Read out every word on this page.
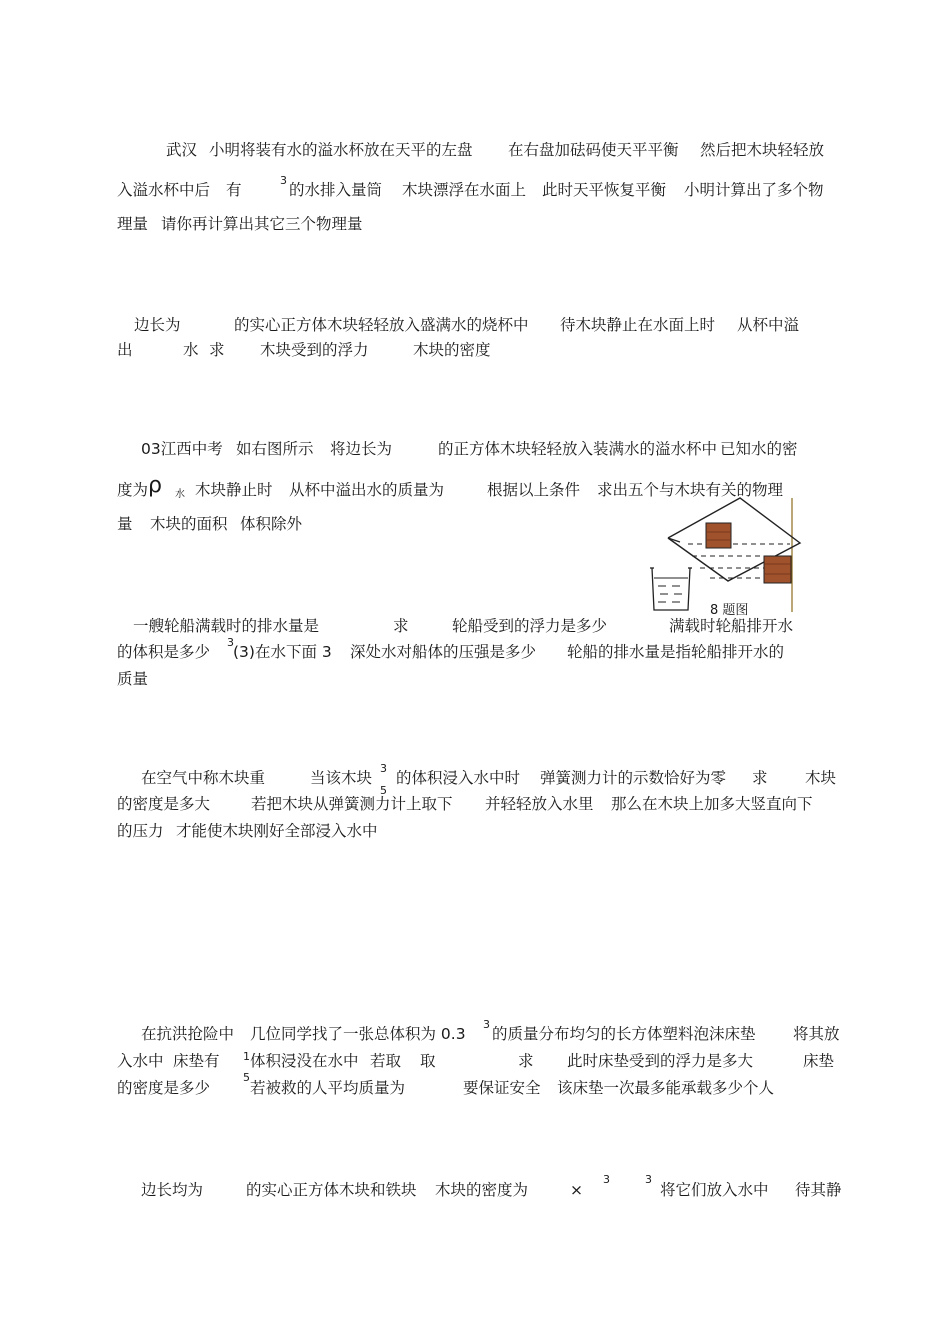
武汉 小明将装有水的溢水杯放在天平的左盘 在右盘加砝码使天平平衡 然后把木块轻轻放
入溢水杯中后 有
3
的水排入量筒 木块漂浮在水面上 此时天平恢复平衡 小明计算出了多个物
理量 请你再计算出其它三个物理量
边长为	的实心正方体木块轻轻放入盛满水的烧杯中 待木块静止在水面上时 从杯中溢
出	水 求 木块受到的浮力	木块的密度
03江西中考 如右图所示 将边长为	的正方体木块轻轻放入装满水的溢水杯中 已知水的密
度为 ρ 水 木块静止时 从杯中溢出水的质量为	根据以上条件 求出五个与木块有关的物理
量 木块的面积 体积除外
8 题图
一艘轮船满载时的排水量是	求	轮船受到的浮力是多少	满载时轮船排开水
的体积是多少
3
(3)在水下面 3 深处水对船体的压强是多少 轮船的排水量是指轮船排开水的
质量
在空气中称木块重	当该木块
3
5
的体积浸入水中时 弹簧测力计的示数恰好为零 求 木块
的密度是多大	若把木块从弹簧测力计上取下 并轻轻放入水里 那么在木块上加多大竖直向下
的压力 才能使木块刚好全部浸入水中
在抗洪抢险中 几位同学找了一张总体积为 0.3
3
的质量分布均匀的长方体塑料泡沫床垫 将其放
入水中 床垫有 1
5
体积浸没在水中 若取 取	求 此时床垫受到的浮力是多大	床垫
的密度是多少	若被救的人平均质量为	要保证安全 该床垫一次最多能承载多少个人
边长均为	的实心正方体木块和铁块 木块的密度为	×
3	3
将它们放入水中 待其静
